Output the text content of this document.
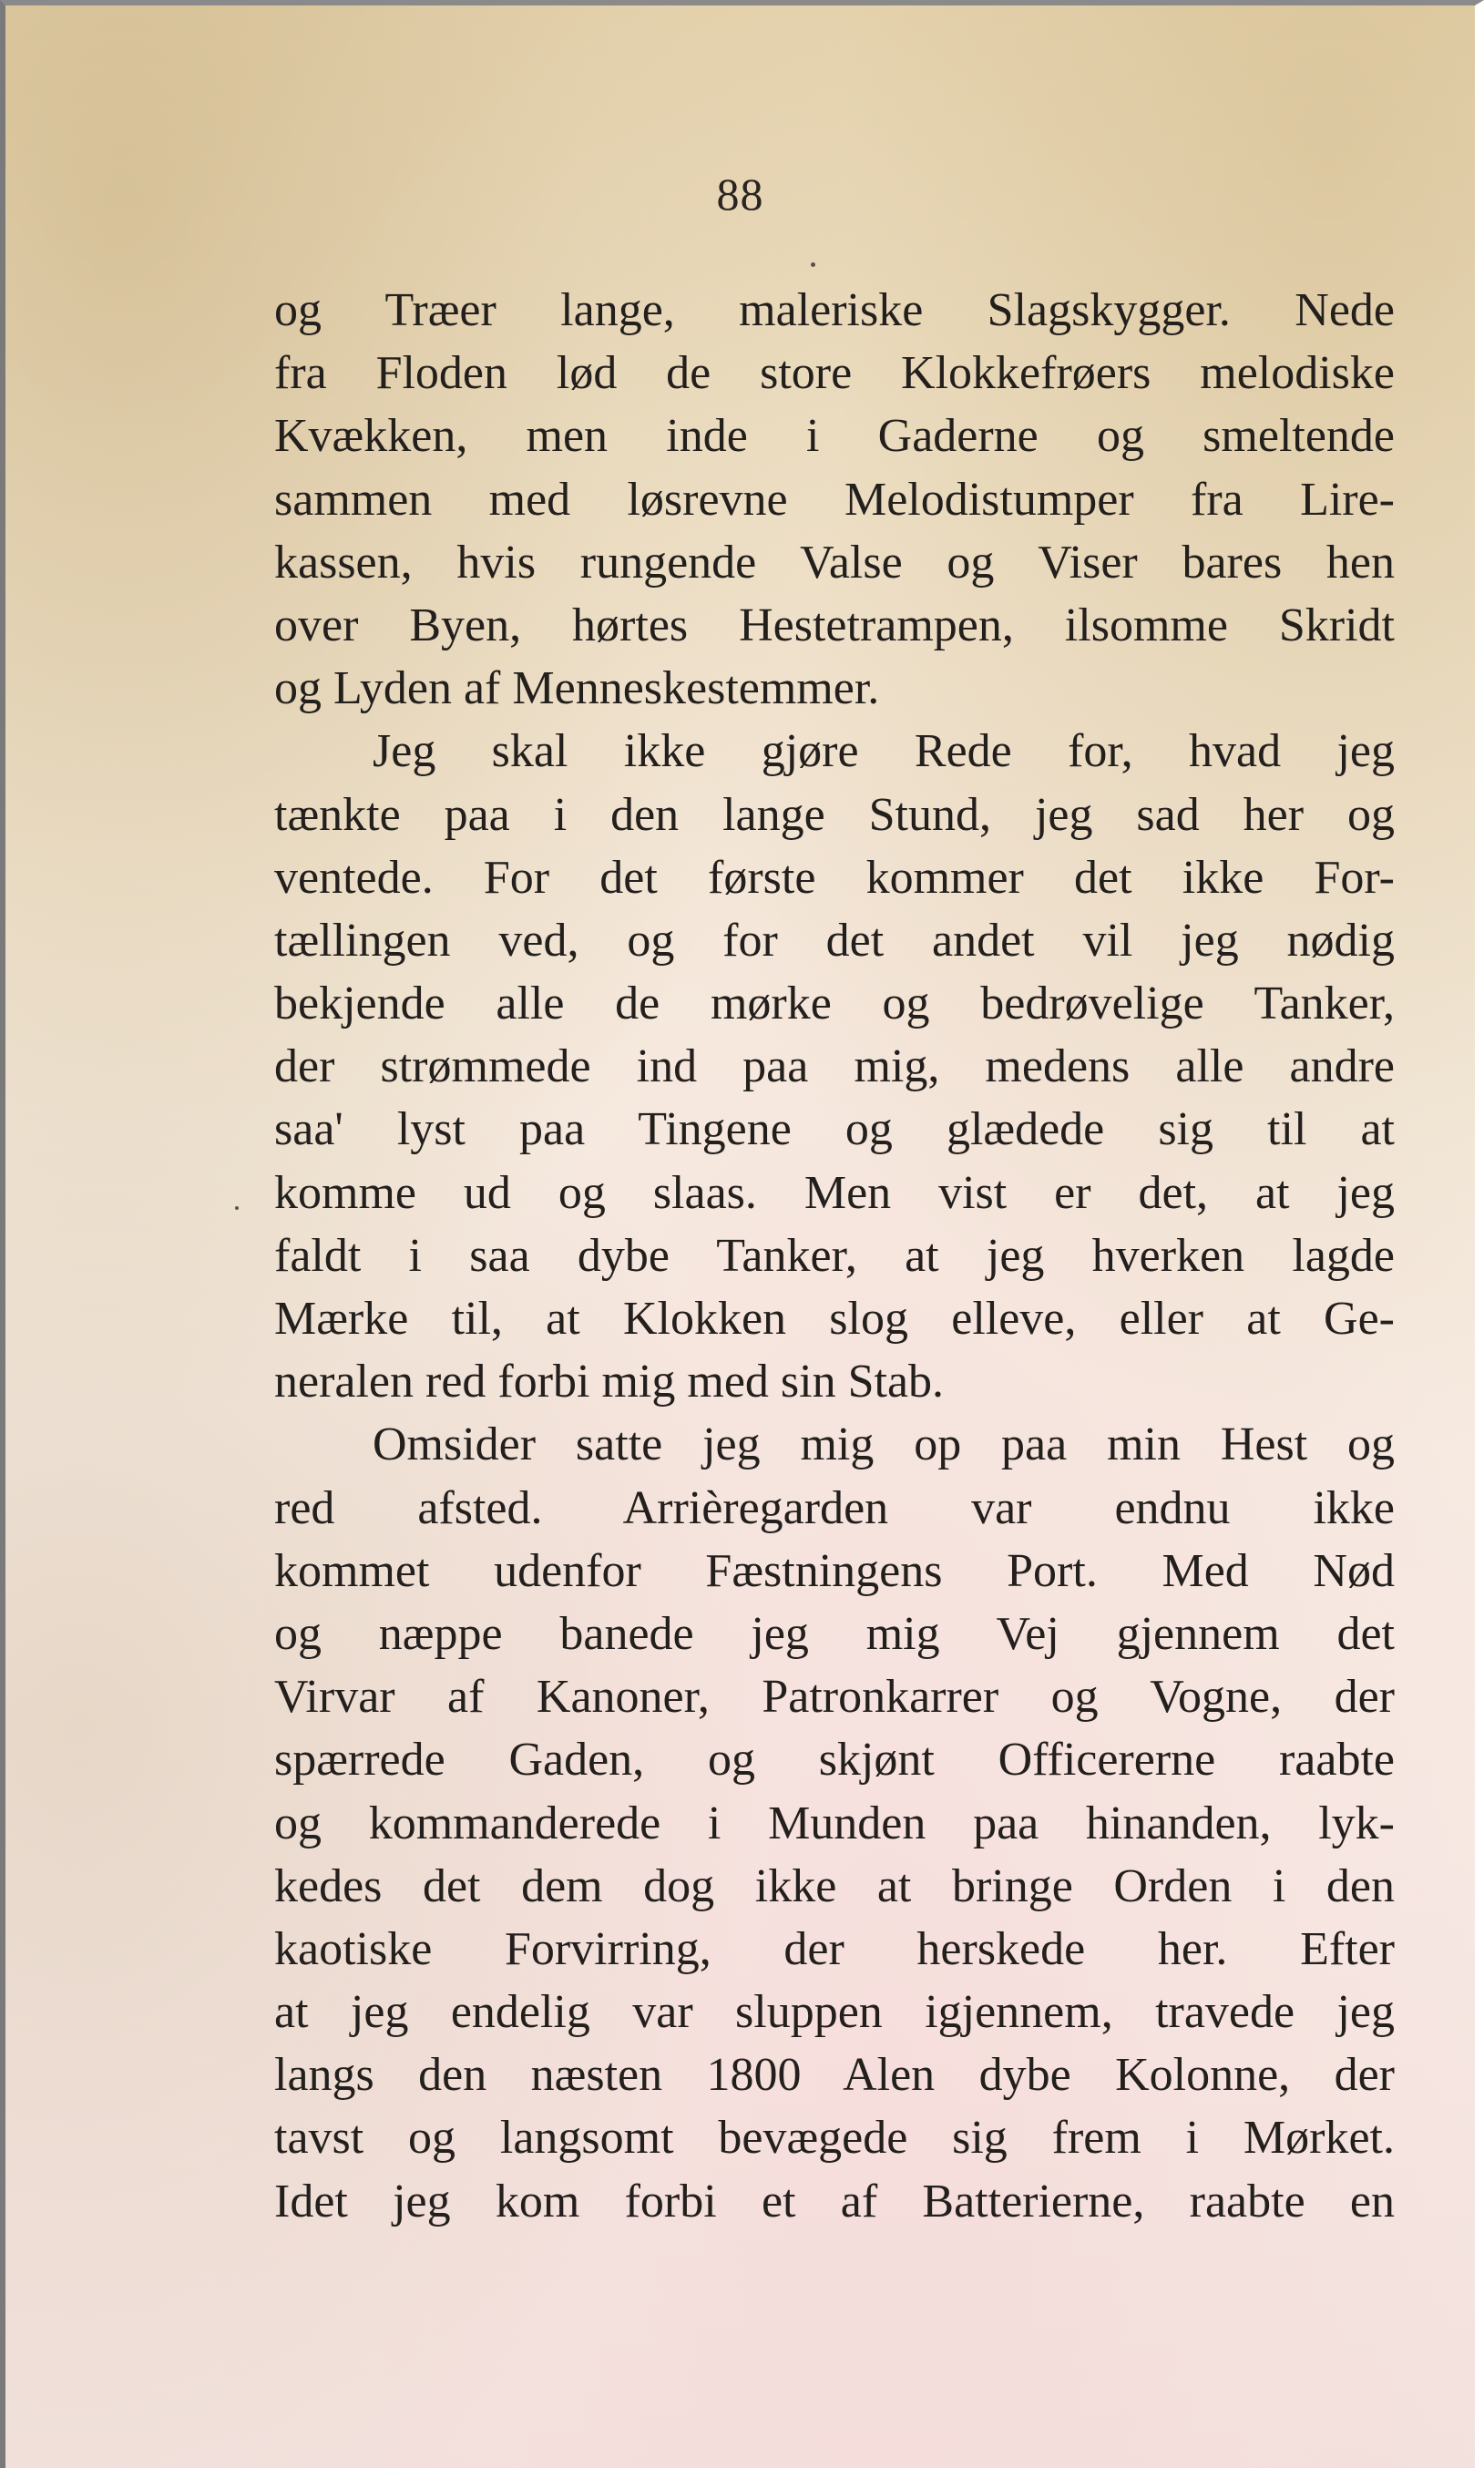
88
og Træer lange, maleriske Slagskygger. Nede
fra Floden lød de store Klokkefrøers melodiske
Kvækken, men inde i Gaderne og smeltende
sammen med løsrevne Melodistumper fra Lire-
kassen, hvis rungende Valse og Viser bares hen
over Byen, hørtes Hestetrampen, ilsomme Skridt
og Lyden af Menneskestemmer.
Jeg skal ikke gjøre Rede for, hvad jeg
tænkte paa i den lange Stund, jeg sad her og
ventede. For det første kommer det ikke For-
tællingen ved, og for det andet vil jeg nødig
bekjende alle de mørke og bedrøvelige Tanker,
der strømmede ind paa mig, medens alle andre
saa' lyst paa Tingene og glædede sig til at
komme ud og slaas. Men vist er det, at jeg
faldt i saa dybe Tanker, at jeg hverken lagde
Mærke til, at Klokken slog elleve, eller at Ge-
neralen red forbi mig med sin Stab.
Omsider satte jeg mig op paa min Hest og
red afsted. Arrièregarden var endnu ikke
kommet udenfor Fæstningens Port. Med Nød
og næppe banede jeg mig Vej gjennem det
Virvar af Kanoner, Patronkarrer og Vogne, der
spærrede Gaden, og skjønt Officererne raabte
og kommanderede i Munden paa hinanden, lyk-
kedes det dem dog ikke at bringe Orden i den
kaotiske Forvirring, der herskede her. Efter
at jeg endelig var sluppen igjennem, travede jeg
langs den næsten 1800 Alen dybe Kolonne, der
tavst og langsomt bevægede sig frem i Mørket.
Idet jeg kom forbi et af Batterierne, raabte en
